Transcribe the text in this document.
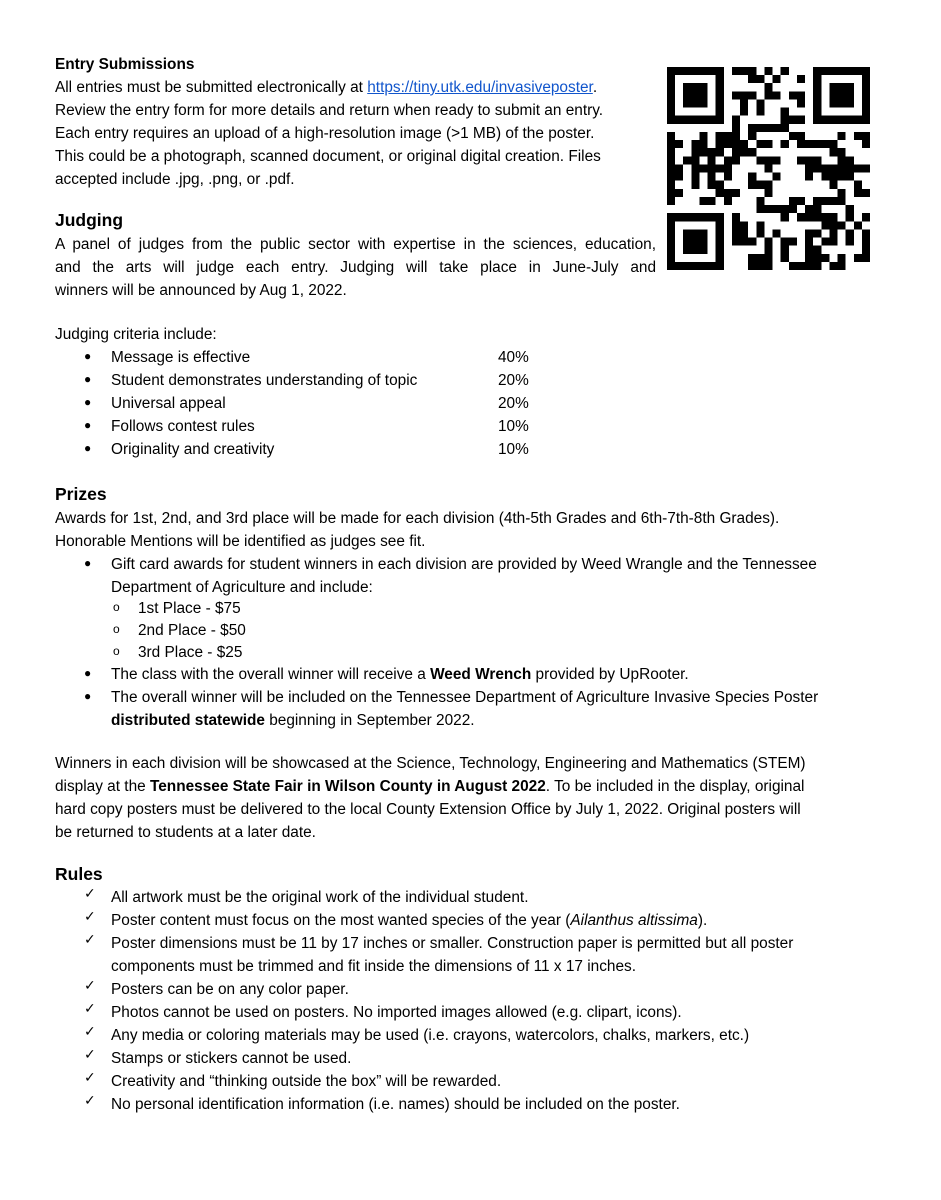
Entry Submissions
All entries must be submitted electronically at https://tiny.utk.edu/invasiveposter.
Review the entry form for more details and return when ready to submit an entry.
Each entry requires an upload of a high-resolution image (>1 MB) of the poster.
This could be a photograph, scanned document, or original digital creation. Files
accepted include .jpg, .png, or .pdf.
Judging
A panel of judges from the public sector with expertise in the sciences, education,
and the arts will judge each entry. Judging will take place in June-July and
winners will be announced by Aug 1, 2022.
Judging criteria include:
● Message is effective	40%
● Student demonstrates understanding of topic	20%
● Universal appeal	20%
● Follows contest rules	10%
● Originality and creativity	10%
Prizes
Awards for 1st, 2nd, and 3rd place will be made for each division (4th-5th Grades and 6th-7th-8th Grades).
Honorable Mentions will be identified as judges see fit.
● Gift card awards for student winners in each division are provided by Weed Wrangle and the Tennessee
Department of Agriculture and include:
o 1st Place - $75
o 2nd Place - $50
o 3rd Place - $25
● The class with the overall winner will receive a Weed Wrench provided by UpRooter.
● The overall winner will be included on the Tennessee Department of Agriculture Invasive Species Poster
distributed statewide beginning in September 2022.
Winners in each division will be showcased at the Science, Technology, Engineering and Mathematics (STEM)
display at the Tennessee State Fair in Wilson County in August 2022. To be included in the display, original
hard copy posters must be delivered to the local County Extension Office by July 1, 2022. Original posters will
be returned to students at a later date.
Rules
✓ All artwork must be the original work of the individual student.
✓ Poster content must focus on the most wanted species of the year (Ailanthus altissima).
✓ Poster dimensions must be 11 by 17 inches or smaller. Construction paper is permitted but all poster
components must be trimmed and fit inside the dimensions of 11 x 17 inches.
✓ Posters can be on any color paper.
✓ Photos cannot be used on posters. No imported images allowed (e.g. clipart, icons).
✓ Any media or coloring materials may be used (i.e. crayons, watercolors, chalks, markers, etc.)
✓ Stamps or stickers cannot be used.
✓ Creativity and “thinking outside the box” will be rewarded.
✓ No personal identification information (i.e. names) should be included on the poster.
